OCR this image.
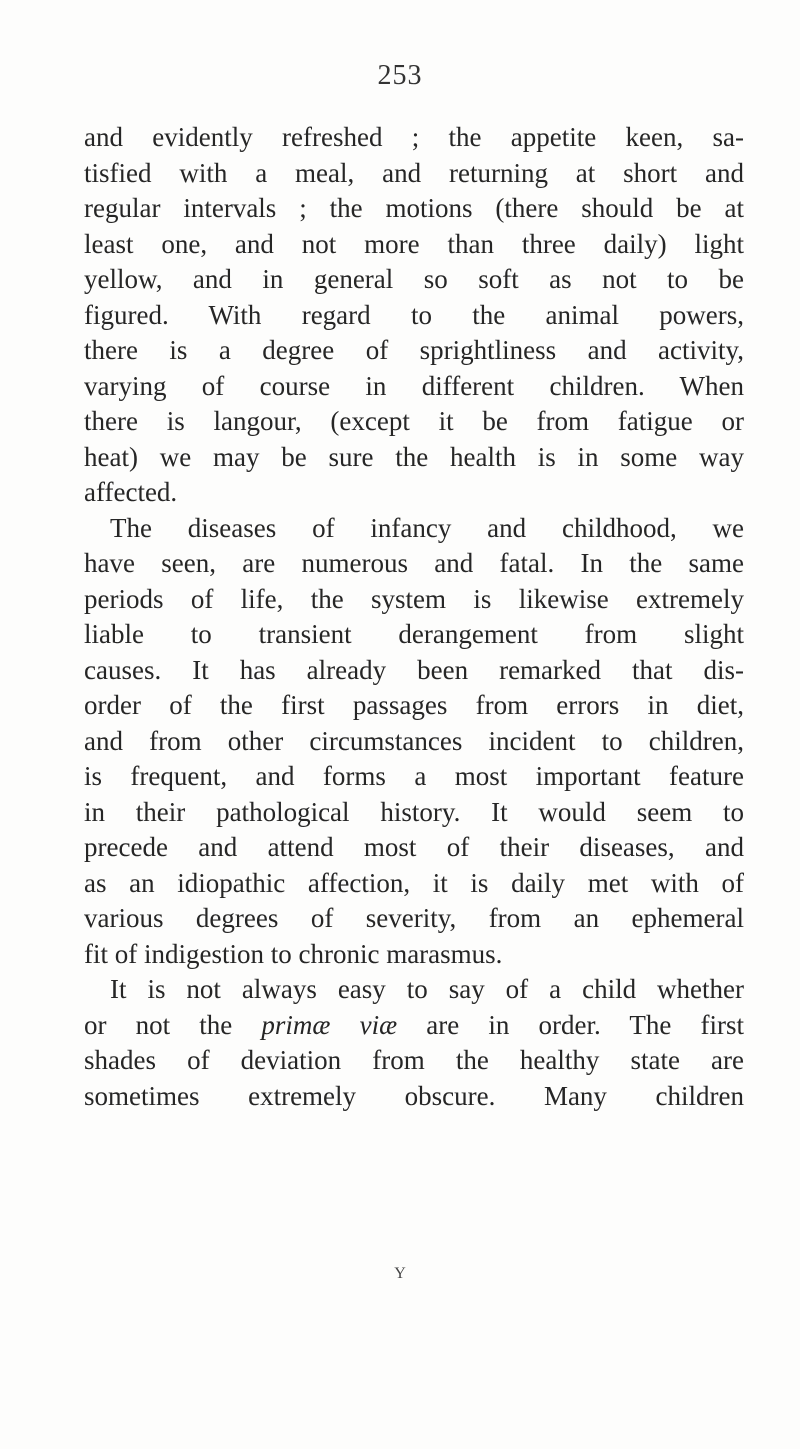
253
and evidently refreshed ; the appetite keen, sa-
tisfied with a meal, and returning at short and
regular intervals ; the motions (there should be at
least one, and not more than three daily) light
yellow, and in general so soft as not to be
figured. With regard to the animal powers,
there is a degree of sprightliness and activity,
varying of course in different children. When
there is langour, (except it be from fatigue or
heat) we may be sure the health is in some way
affected.
The diseases of infancy and childhood, we
have seen, are numerous and fatal. In the same
periods of life, the system is likewise extremely
liable to transient derangement from slight
causes. It has already been remarked that dis-
order of the first passages from errors in diet,
and from other circumstances incident to children,
is frequent, and forms a most important feature
in their pathological history. It would seem to
precede and attend most of their diseases, and
as an idiopathic affection, it is daily met with of
various degrees of severity, from an ephemeral
fit of indigestion to chronic marasmus.
It is not always easy to say of a child whether
or not the primæ viæ are in order. The first
shades of deviation from the healthy state are
sometimes extremely obscure. Many children
Y
